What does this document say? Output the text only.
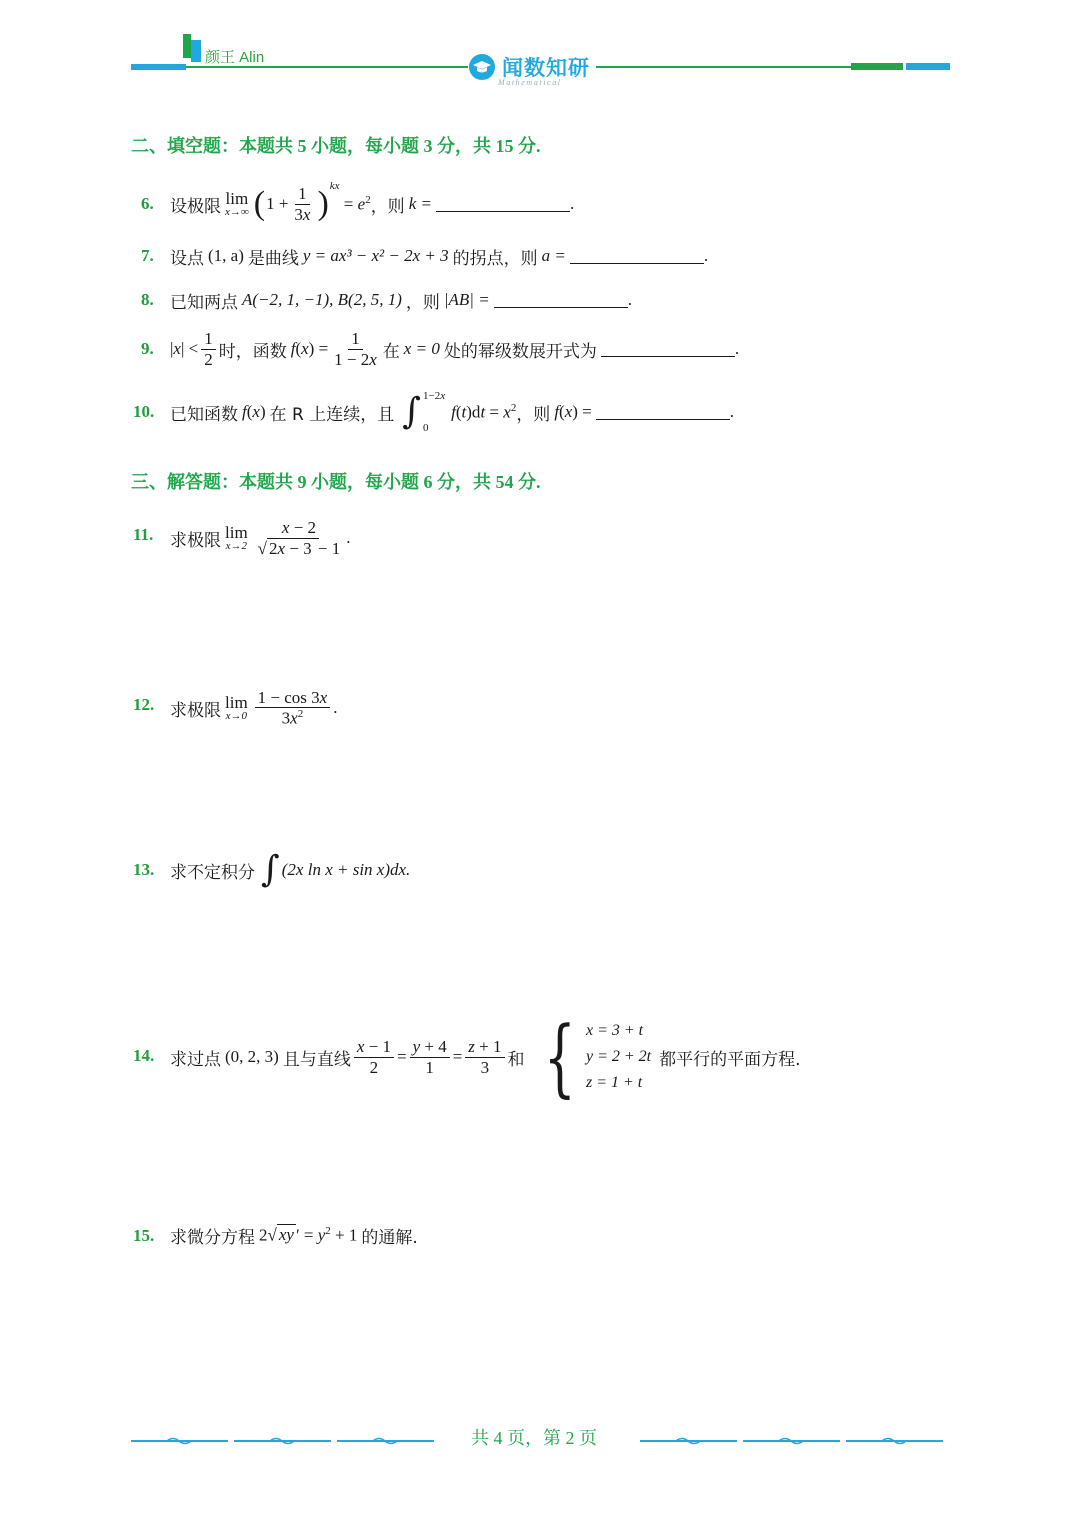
颜王 Alin	闻数知研
Mathematical
二、填空题：本题共 5 小题，每小题 3 分，共 15 分.
6. 设极限 lim
x→∞ ( $1 + \frac{1}{3x}$ ) $^{kx}$
= $e^2$ ，则 k =	.
7. 设点 (1, a) 是曲线 y = ax³ − x² − 2x + 3 的拐点，则 a =	.
8. 已知两点 A(−2, 1, −1), B(2, 5, 1) ，则 |AB| =	.
9. $|x| < \frac{1}{2}$ 时，函数 $f(x) = \frac{1}{1 - 2x}$ 在 x = 0 处的幂级数展开式为	.
10. 已知函数 f(x) 在 R 上连续，且 ∫ 1−2x
0
$f(t)dt = x^2$ ，则 f(x) =	.
三、解答题：本题共 9 小题，每小题 6 分，共 54 分.
11. 求极限 lim
$x\to 2 \frac{x - 2}{√ 2x - 3 - 1}$ .
12. 求极限 lim
$x\to 0 \frac{1 - \cos 3x}{3x^2}$ .
13. 求不定积分 ∫ (2x ln x + sin x)dx.
14. 求过点 (0, 2, 3) 且与直线 $\frac{x - 1}{2} = \frac{y + 4}{1} = \frac{z + 1}{3}$ 和 { x = 3 + t
y = 2 + 2t
z = 1 + t
都平行的平面方程.
15. 求微分方程 2√ xy ′ = $y^2 + 1$ 的通解.
共 4 页，第 2 页
